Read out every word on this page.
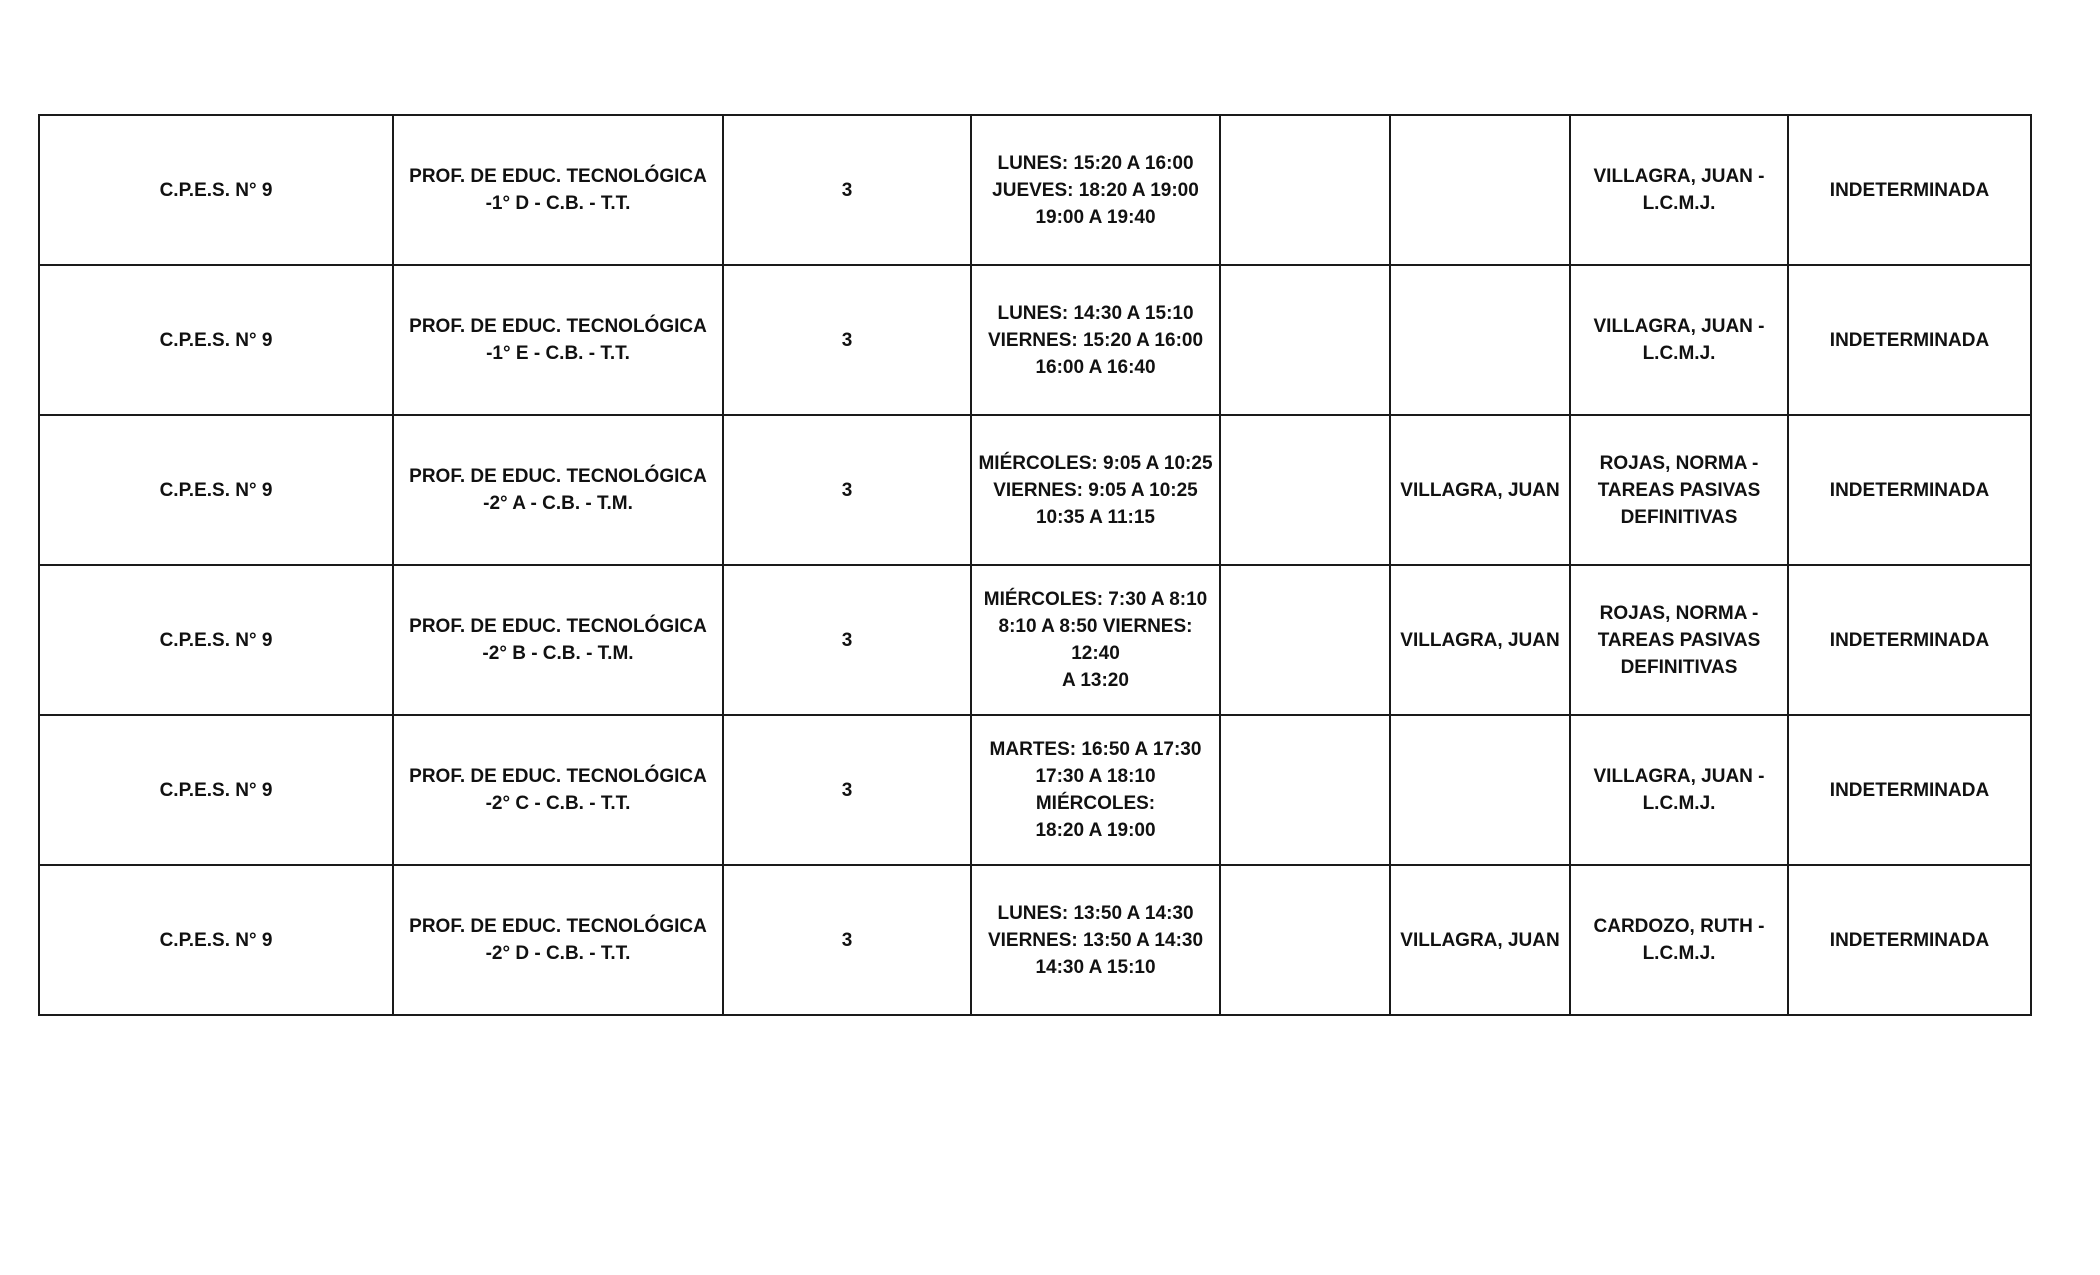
C.P.E.S. N° 9	PROF. DE EDUC. TECNOLÓGICA -1° D - C.B. - T.T.	3	LUNES: 15:20 A 16:00
JUEVES: 18:20 A 19:00
19:00 A 19:40			VILLAGRA, JUAN - L.C.M.J.	INDETERMINADA
C.P.E.S. N° 9	PROF. DE EDUC. TECNOLÓGICA -1° E - C.B. - T.T.	3	LUNES: 14:30 A 15:10
VIERNES: 15:20 A 16:00
16:00 A 16:40			VILLAGRA, JUAN - L.C.M.J.	INDETERMINADA
C.P.E.S. N° 9	PROF. DE EDUC. TECNOLÓGICA -2° A - C.B. - T.M.	3	MIÉRCOLES: 9:05 A 10:25
VIERNES: 9:05 A 10:25
10:35 A 11:15		VILLAGRA, JUAN	ROJAS, NORMA - TAREAS PASIVAS DEFINITIVAS	INDETERMINADA
C.P.E.S. N° 9	PROF. DE EDUC. TECNOLÓGICA -2° B - C.B. - T.M.	3	MIÉRCOLES: 7:30 A 8:10
8:10 A 8:50 VIERNES: 12:40
A 13:20		VILLAGRA, JUAN	ROJAS, NORMA - TAREAS PASIVAS DEFINITIVAS	INDETERMINADA
C.P.E.S. N° 9	PROF. DE EDUC. TECNOLÓGICA -2° C - C.B. - T.T.	3	MARTES: 16:50 A 17:30
17:30 A 18:10 MIÉRCOLES:
18:20 A 19:00			VILLAGRA, JUAN - L.C.M.J.	INDETERMINADA
C.P.E.S. N° 9	PROF. DE EDUC. TECNOLÓGICA -2° D - C.B. - T.T.	3	LUNES: 13:50 A 14:30
VIERNES: 13:50 A 14:30
14:30 A 15:10		VILLAGRA, JUAN	CARDOZO, RUTH - L.C.M.J.	INDETERMINADA
